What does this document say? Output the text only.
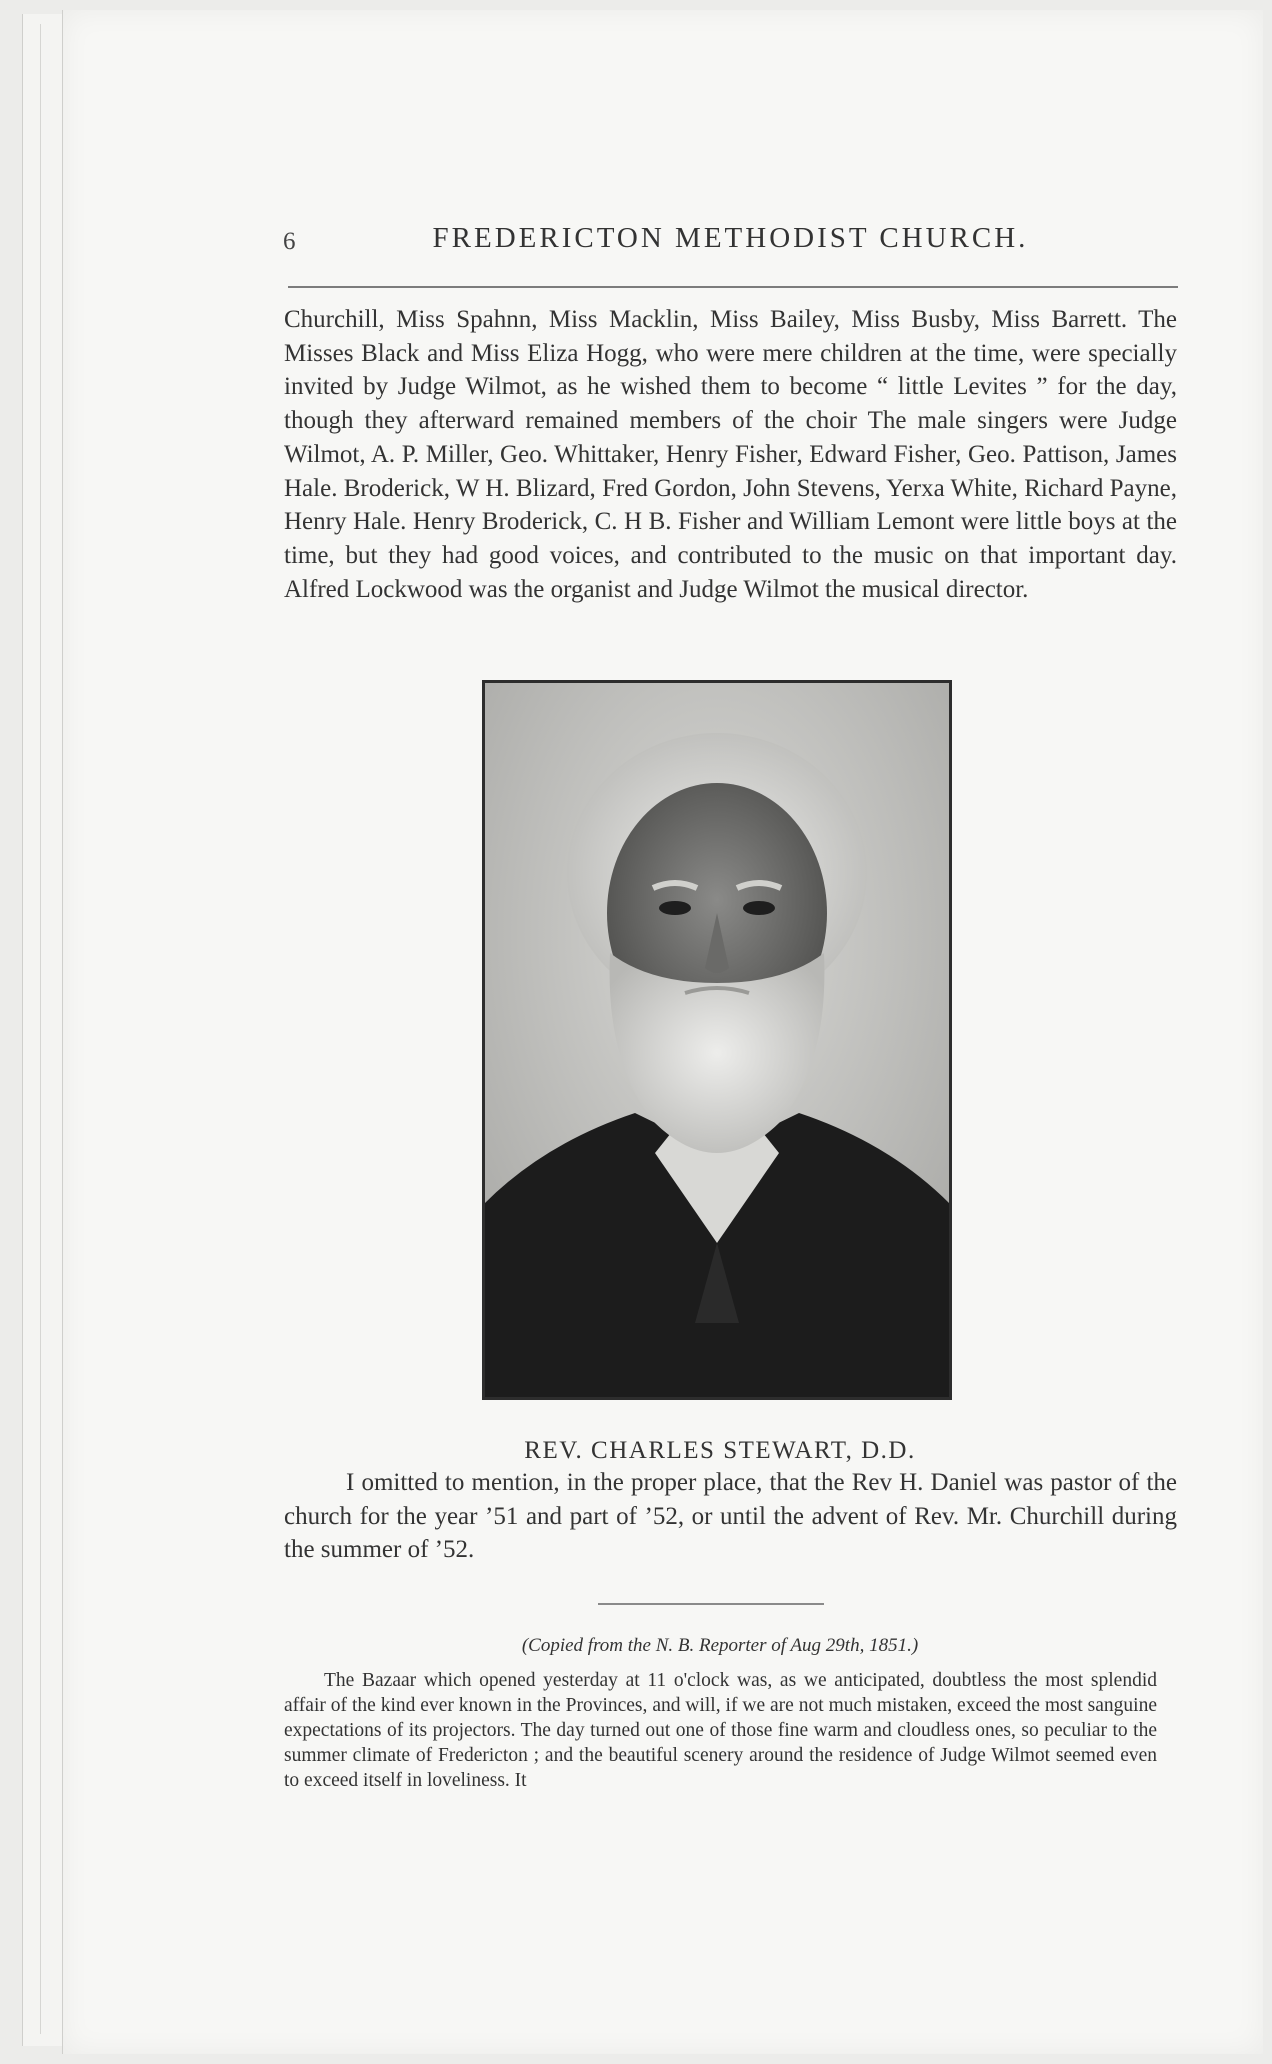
6	FREDERICTON METHODIST CHURCH.
Churchill, Miss Spahnn, Miss Macklin, Miss Bailey, Miss Busby, Miss Barrett. The Misses Black and Miss Eliza Hogg, who were mere children at the time, were specially invited by Judge Wilmot, as he wished them to become “ little Levites ” for the day, though they afterward remained members of the choir The male singers were Judge Wilmot, A. P. Miller, Geo. Whittaker, Henry Fisher, Edward Fisher, Geo. Pattison, James Hale. Broderick, W H. Blizard, Fred Gordon, John Stevens, Yerxa White, Richard Payne, Henry Hale. Henry Broderick, C. H B. Fisher and William Lemont were little boys at the time, but they had good voices, and contributed to the music on that important day. Alfred Lockwood was the organist and Judge Wilmot the musical director.
REV. CHARLES STEWART, D.D.
I omitted to mention, in the proper place, that the Rev H. Daniel was pastor of the church for the year ’51 and part of ’52, or until the advent of Rev. Mr. Churchill during the summer of ’52.
(Copied from the N. B. Reporter of Aug 29th, 1851.)
The Bazaar which opened yesterday at 11 o'clock was, as we anticipated, doubtless the most splendid affair of the kind ever known in the Provinces, and will, if we are not much mistaken, exceed the most sanguine expectations of its projectors. The day turned out one of those fine warm and cloudless ones, so peculiar to the summer climate of Fredericton ; and the beautiful scenery around the residence of Judge Wilmot seemed even to exceed itself in loveliness. It
